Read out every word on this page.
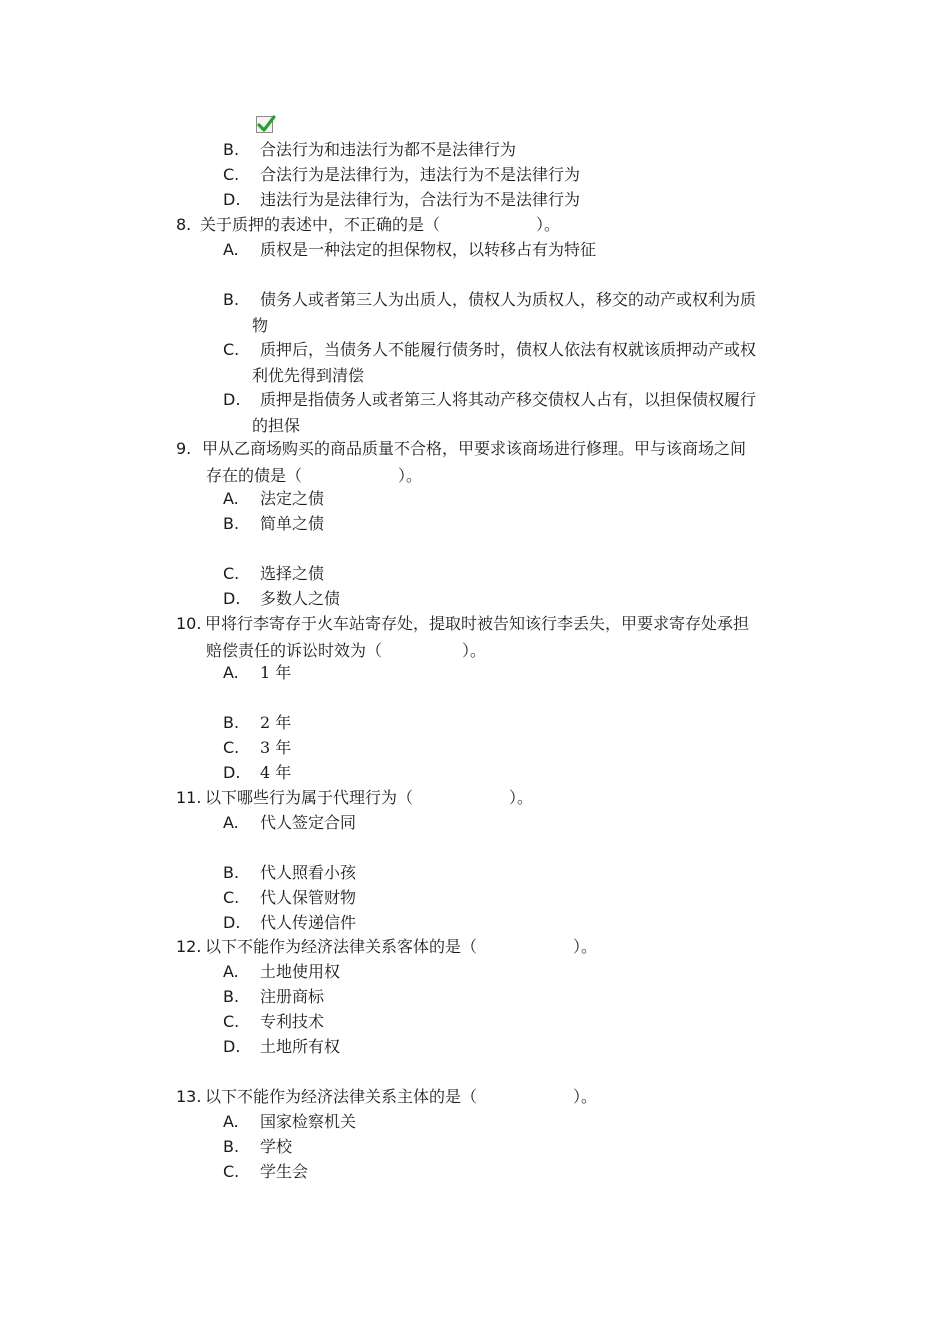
B. 合法行为和违法行为都不是法律行为
C. 合法行为是法律行为，违法行为不是法律行为
D. 违法行为是法律行为，合法行为不是法律行为
8. 关于质押的表述中，不正确的是（　　　　　　）。
A. 质权是一种法定的担保物权，以转移占有为特征
B. 债务人或者第三人为出质人，债权人为质权人，移交的动产或权利为质
物
C. 质押后，当债务人不能履行债务时，债权人依法有权就该质押动产或权
利优先得到清偿
D. 质押是指债务人或者第三人将其动产移交债权人占有，以担保债权履行
的担保
9. 甲从乙商场购买的商品质量不合格，甲要求该商场进行修理。甲与该商场之间
存在的债是（　　　　　　）。
A. 法定之债
B. 简单之债
C. 选择之债
D. 多数人之债
10. 甲将行李寄存于火车站寄存处，提取时被告知该行李丢失，甲要求寄存处承担
赔偿责任的诉讼时效为（　　　　　）。
A. 1 年
B. 2 年
C. 3 年
D. 4 年
11. 以下哪些行为属于代理行为（　　　　　　）。
A. 代人签定合同
B. 代人照看小孩
C. 代人保管财物
D. 代人传递信件
12. 以下不能作为经济法律关系客体的是（　　　　　　）。
A. 土地使用权
B. 注册商标
C. 专利技术
D. 土地所有权
13. 以下不能作为经济法律关系主体的是（　　　　　　）。
A. 国家检察机关
B. 学校
C. 学生会
